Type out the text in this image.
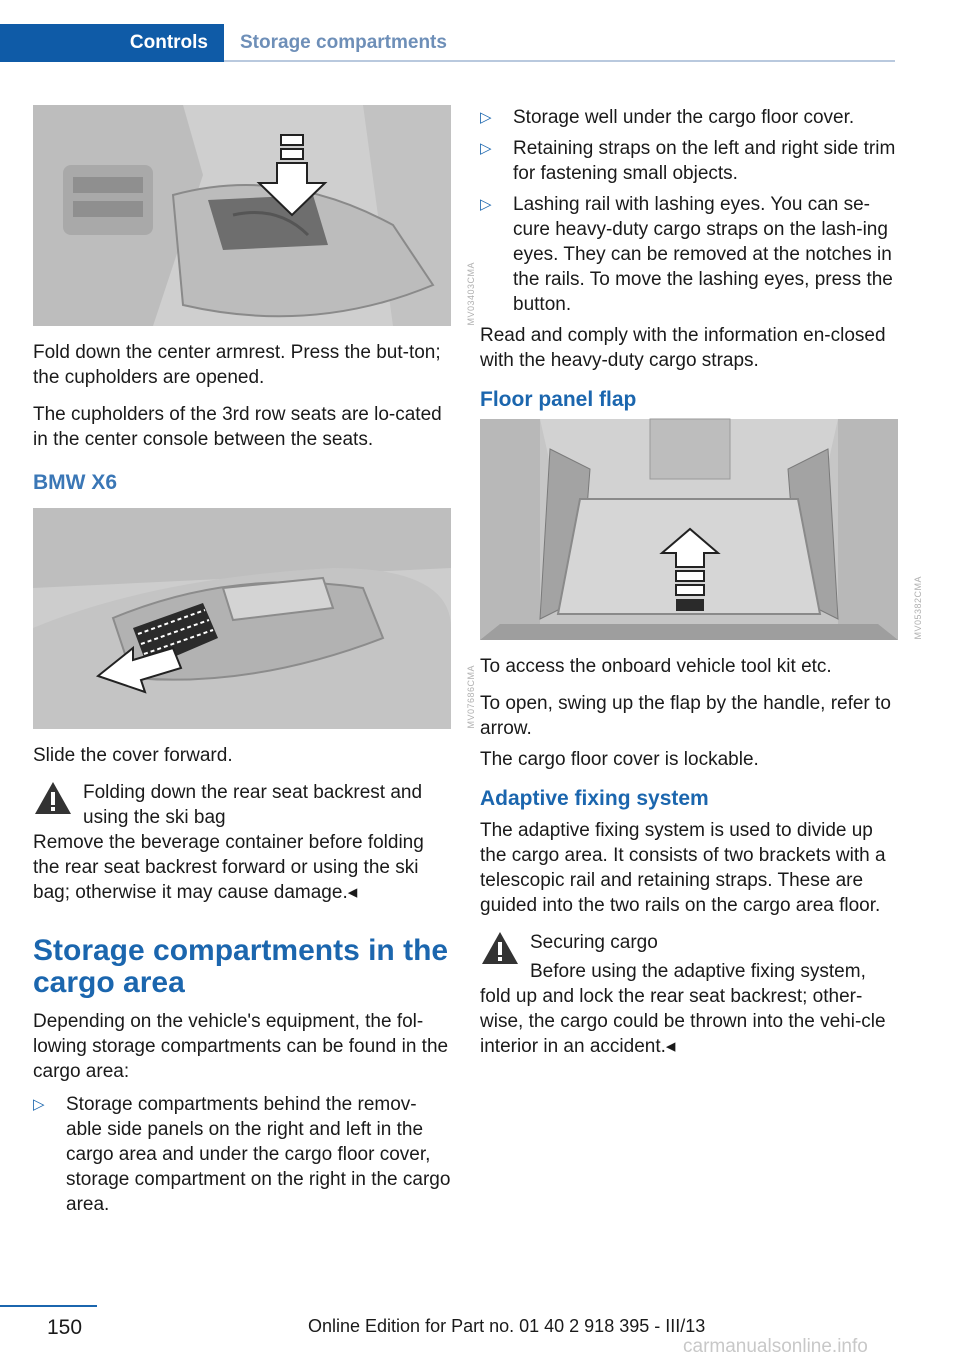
Controls	Storage compartments
MV03403CMA

Fold down the center armrest. Press the but-ton; the cupholders are opened.

The cupholders of the 3rd row seats are lo-cated in the center console between the seats.

BMW X6
MV07686CMA

Slide the cover forward.

Folding down the rear seat backrest and using the ski bag

Remove the beverage container before folding the rear seat backrest forward or using the ski bag; otherwise it may cause damage.◂

Storage compartments in the cargo area

Depending on the vehicle's equipment, the fol-lowing storage compartments can be found in the cargo area:

▷ Storage compartments behind the remov-able side panels on the right and left in the cargo area and under the cargo floor cover, storage compartment on the right in the cargo area.
▷ Storage well under the cargo floor cover.
▷ Retaining straps on the left and right side trim for fastening small objects.
▷ Lashing rail with lashing eyes. You can se-cure heavy-duty cargo straps on the lash-ing eyes. They can be removed at the notches in the rails. To move the lashing eyes, press the button.

Read and comply with the information en-closed with the heavy-duty cargo straps.

Floor panel flap
MV05382CMA

To access the onboard vehicle tool kit etc.

To open, swing up the flap by the handle, refer to arrow.

The cargo floor cover is lockable.

Adaptive fixing system

The adaptive fixing system is used to divide up the cargo area. It consists of two brackets with a telescopic rail and retaining straps. These are guided into the two rails on the cargo area floor.

Securing cargo

Before using the adaptive fixing system, fold up and lock the rear seat backrest; other-wise, the cargo could be thrown into the vehi-cle interior in an accident.◂

150	Online Edition for Part no. 01 40 2 918 395 - III/13
carmanualsonline.info
